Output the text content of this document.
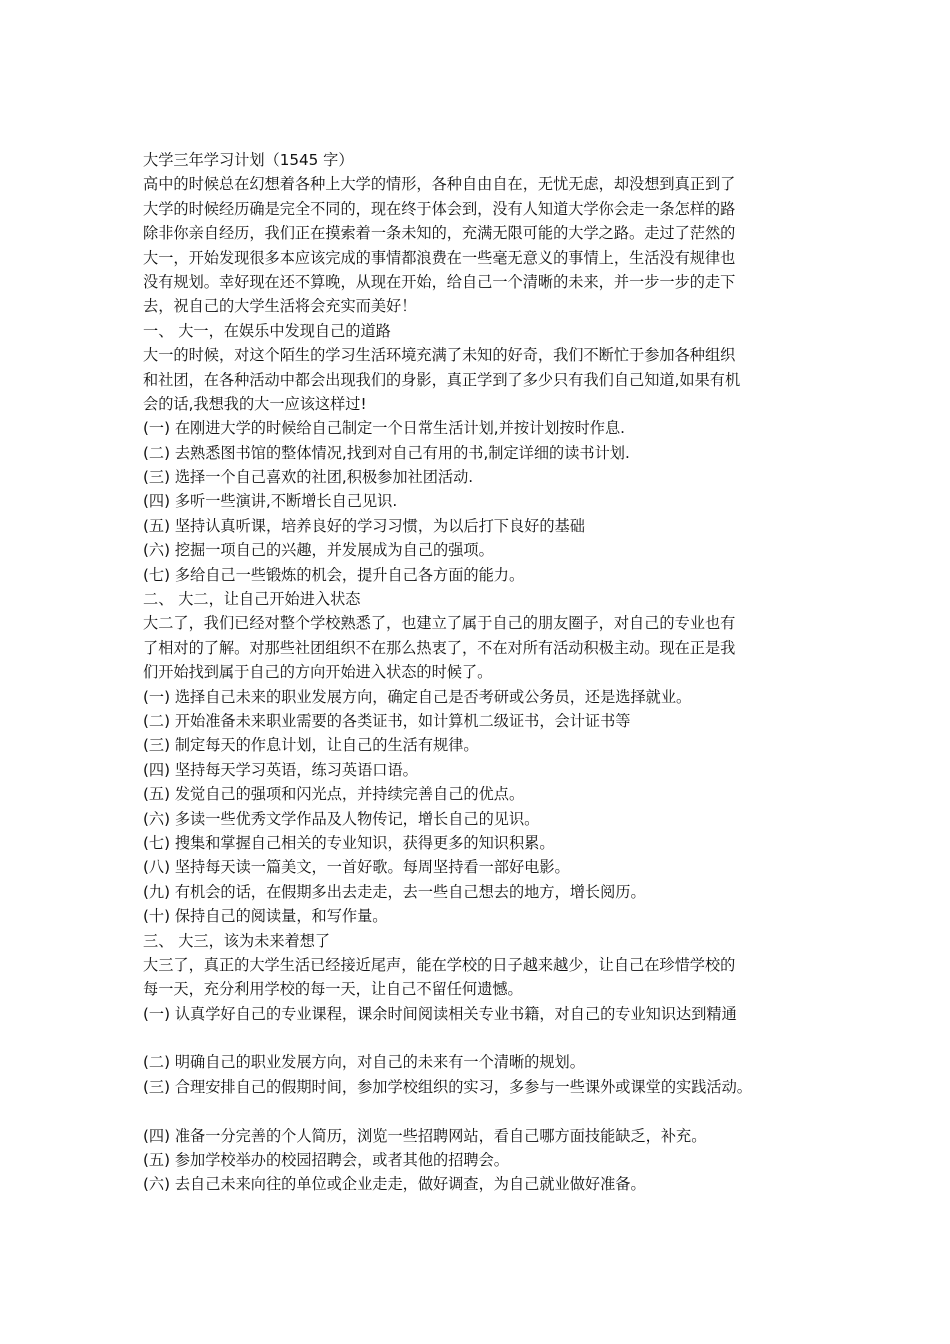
大学三年学习计划（1545 字）
高中的时候总在幻想着各种上大学的情形，各种自由自在，无忧无虑，却没想到真正到了
大学的时候经历确是完全不同的，现在终于体会到，没有人知道大学你会走一条怎样的路
除非你亲自经历，我们正在摸索着一条未知的，充满无限可能的大学之路。走过了茫然的
大一，开始发现很多本应该完成的事情都浪费在一些毫无意义的事情上，生活没有规律也
没有规划。幸好现在还不算晚，从现在开始，给自己一个清晰的未来，并一步一步的走下
去，祝自己的大学生活将会充实而美好！
一、 大一，在娱乐中发现自己的道路
大一的时候，对这个陌生的学习生活环境充满了未知的好奇，我们不断忙于参加各种组织
和社团，在各种活动中都会出现我们的身影，真正学到了多少只有我们自己知道,如果有机
会的话,我想我的大一应该这样过!
(一) 在刚进大学的时候给自己制定一个日常生活计划,并按计划按时作息.
(二) 去熟悉图书馆的整体情况,找到对自己有用的书,制定详细的读书计划.
(三) 选择一个自己喜欢的社团,积极参加社团活动.
(四) 多听一些演讲,不断增长自己见识.
(五) 坚持认真听课，培养良好的学习习惯，为以后打下良好的基础
(六) 挖掘一项自己的兴趣，并发展成为自己的强项。
(七) 多给自己一些锻炼的机会，提升自己各方面的能力。
二、 大二，让自己开始进入状态
大二了，我们已经对整个学校熟悉了，也建立了属于自己的朋友圈子，对自己的专业也有
了相对的了解。对那些社团组织不在那么热衷了，不在对所有活动积极主动。现在正是我
们开始找到属于自己的方向开始进入状态的时候了。
(一) 选择自己未来的职业发展方向，确定自己是否考研或公务员，还是选择就业。
(二) 开始准备未来职业需要的各类证书，如计算机二级证书，会计证书等
(三) 制定每天的作息计划，让自己的生活有规律。
(四) 坚持每天学习英语，练习英语口语。
(五) 发觉自己的强项和闪光点，并持续完善自己的优点。
(六) 多读一些优秀文学作品及人物传记，增长自己的见识。
(七) 搜集和掌握自己相关的专业知识，获得更多的知识积累。
(八) 坚持每天读一篇美文，一首好歌。每周坚持看一部好电影。
(九) 有机会的话，在假期多出去走走，去一些自己想去的地方，增长阅历。
(十) 保持自己的阅读量，和写作量。
三、 大三，该为未来着想了
大三了，真正的大学生活已经接近尾声，能在学校的日子越来越少，让自己在珍惜学校的
每一天，充分利用学校的每一天，让自己不留任何遗憾。
(一) 认真学好自己的专业课程，课余时间阅读相关专业书籍，对自己的专业知识达到精通
(二) 明确自己的职业发展方向，对自己的未来有一个清晰的规划。
(三) 合理安排自己的假期时间，参加学校组织的实习，多参与一些课外或课堂的实践活动。
(四) 准备一分完善的个人简历，浏览一些招聘网站，看自己哪方面技能缺乏，补充。
(五) 参加学校举办的校园招聘会，或者其他的招聘会。
(六) 去自己未来向往的单位或企业走走，做好调查，为自己就业做好准备。
